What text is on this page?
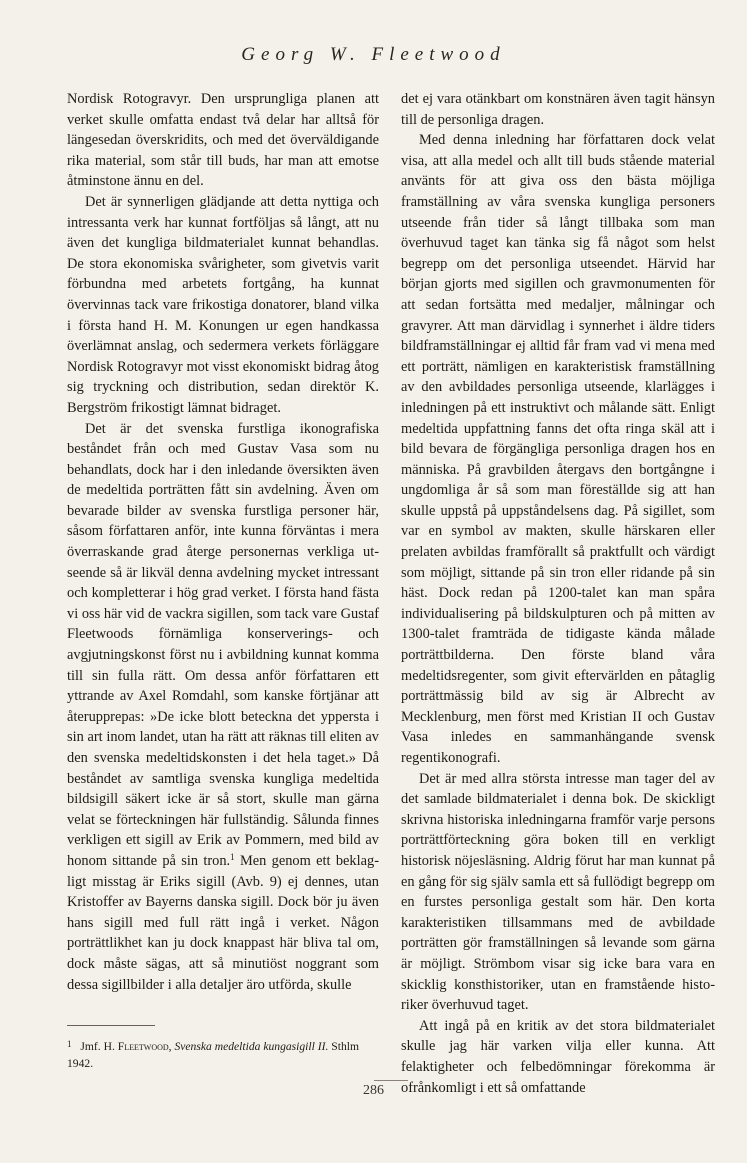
Georg W. Fleetwood

Nordisk Rotogravyr. Den ursprungliga planen att verket skulle omfatta endast två delar har alltså för längesedan överskridits, och med det överväldigande rika material, som står till buds, har man att emotse åtminstone ännu en del.

Det är synnerligen glädjande att detta nyttiga och intressanta verk har kunnat fortföljas så långt, att nu även det kungliga bildmaterialet kunnat behandlas. De stora ekonomiska svårigheter, som givetvis varit förbundna med arbetets fortgång, ha kunnat övervinnas tack vare frikostiga donatorer, bland vilka i första hand H. M. Konungen ur egen handkassa överlämnat anslag, och sedermera verkets förläggare Nordisk Rotogravyr mot visst ekonomiskt bidrag åtog sig tryckning och distribution, sedan direktör K. Bergström frikostigt lämnat bidraget.

Det är det svenska furstliga ikonografiska beståndet från och med Gustav Vasa som nu behandlats, dock har i den inledande översikten även de medeltida porträtten fått sin avdelning. Även om bevarade bilder av svenska furstliga personer här, såsom författaren anför, inte kunna förväntas i mera överraskande grad återge personernas verkliga utseende så är likväl denna avdelning mycket intressant och kompletterar i hög grad verket. I första hand fästa vi oss här vid de vackra sigillen, som tack vare Gustaf Fleetwoods förnämliga konserverings- och avgjutningskonst först nu i avbildning kunnat komma till sin fulla rätt. Om dessa anför författaren ett yttrande av Axel Romdahl, som kanske förtjänar att återupprepas: »De icke blott beteckna det yppersta i sin art inom landet, utan ha rätt att räknas till eliten av den svenska medeltidskonsten i det hela taget.» Då beståndet av samtliga svenska kungliga medeltida bildsigill säkert icke är så stort, skulle man gärna velat se förteckningen här fullständig. Sålunda finnes verkligen ett sigill av Erik av Pommern, med bild av honom sittande på sin tron.$^1$ Men genom ett beklagligt misstag är Eriks sigill (Avb. 9) ej dennes, utan Kristoffer av Bayerns danska sigill. Dock bör ju även hans sigill med full rätt ingå i verket. Någon porträttlikhet kan ju dock knappast här bliva tal om, dock måste sägas, att så minutiöst noggrant som dessa sigillbilder i alla detaljer äro utförda, skulle

det ej vara otänkbart om konstnären även tagit hänsyn till de personliga dragen.

Med denna inledning har författaren dock velat visa, att alla medel och allt till buds stående material använts för att giva oss den bästa möjliga framställning av våra svenska kungliga personers utseende från tider så långt tillbaka som man överhuvud taget kan tänka sig få något som helst begrepp om det personliga utseendet. Härvid har början gjorts med sigillen och gravmonumenten för att sedan fortsätta med medaljer, målningar och gravyrer. Att man därvidlag i synnerhet i äldre tiders bildframställningar ej alltid får fram vad vi mena med ett porträtt, nämligen en karakteristisk framställning av den avbildades personliga utseende, klarlägges i inledningen på ett instruktivt och målande sätt. Enligt medeltida uppfattning fanns det ofta ringa skäl att i bild bevara de förgängliga personliga dragen hos en människa. På gravbilden återgavs den bortgångne i ungdomliga år så som man föreställde sig att han skulle uppstå på uppståndelsens dag. På sigillet, som var en symbol av makten, skulle härskaren eller prelaten avbildas framförallt så praktfullt och värdigt som möjligt, sittande på sin tron eller ridande på sin häst. Dock redan på 1200-talet kan man spåra individualisering på bildskulpturen och på mitten av 1300-talet framträda de tidigaste kända målade porträttbilderna. Den förste bland våra medeltidsregenter, som givit eftervärlden en påtaglig porträttmässig bild av sig är Albrecht av Mecklenburg, men först med Kristian II och Gustav Vasa inledes en sammanhängande svensk regentikonografi.

Det är med allra största intresse man tager del av det samlade bildmaterialet i denna bok. De skickligt skrivna historiska inledningarna framför varje persons porträttförteckning göra boken till en verkligt historisk nöjesläsning. Aldrig förut har man kunnat på en gång för sig själv samla ett så fullödigt begrepp om en furstes personliga gestalt som här. Den korta karakteristiken tillsammans med de avbildade porträtten gör framställningen så levande som gärna är möjligt. Strömbom visar sig icke bara vara en skicklig konsthistoriker, utan en framstående historiker överhuvud taget.

Att ingå på en kritik av det stora bildmaterialet skulle jag här varken vilja eller kunna. Att felaktigheter och felbedömningar förekomma är ofrånkomligt i ett så omfattande

$^1$ Jmf. H. Fleetwood, Svenska medeltida kungasigill II. Sthlm 1942.
286
